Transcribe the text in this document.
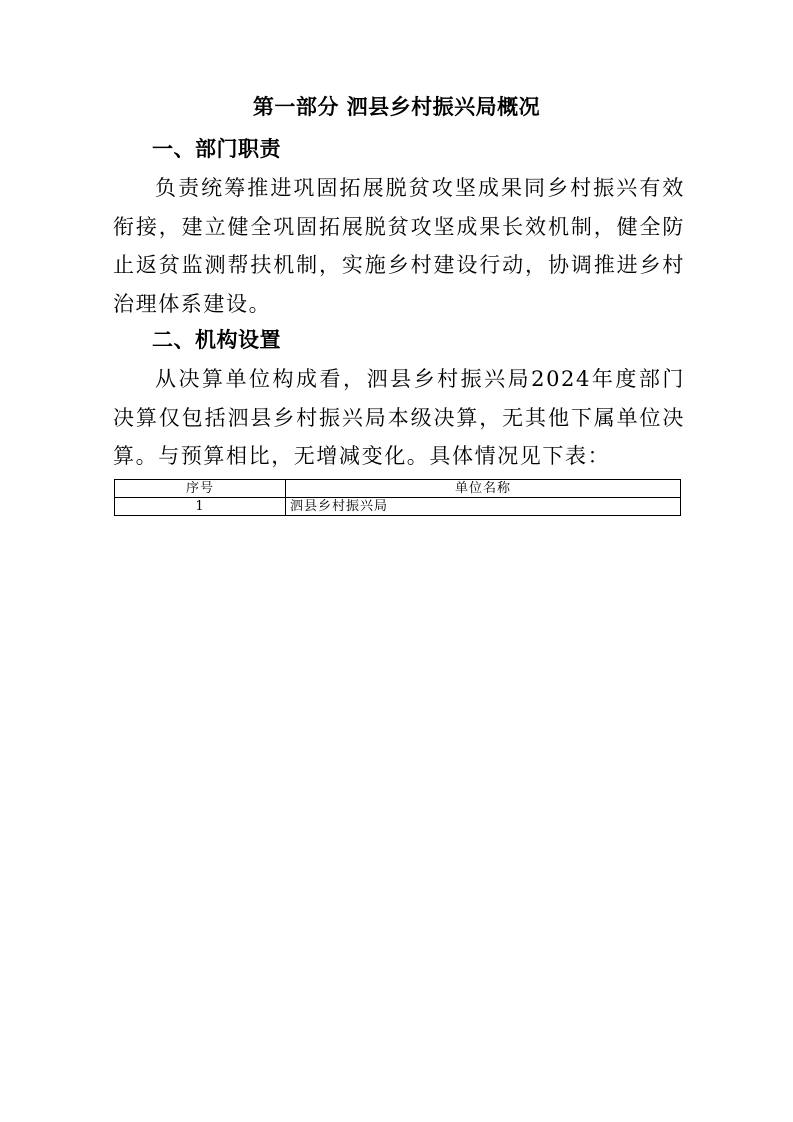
第一部分 泗县乡村振兴局概况
一、部门职责

负责统筹推进巩固拓展脱贫攻坚成果同乡村振兴有效衔接，建立健全巩固拓展脱贫攻坚成果长效机制，健全防止返贫监测帮扶机制，实施乡村建设行动，协调推进乡村治理体系建设。

二、机构设置

从决算单位构成看，泗县乡村振兴局2024年度部门决算仅包括泗县乡村振兴局本级决算，无其他下属单位决算。与预算相比，无增减变化。具体情况见下表：

序号	单位名称
1	泗县乡村振兴局
